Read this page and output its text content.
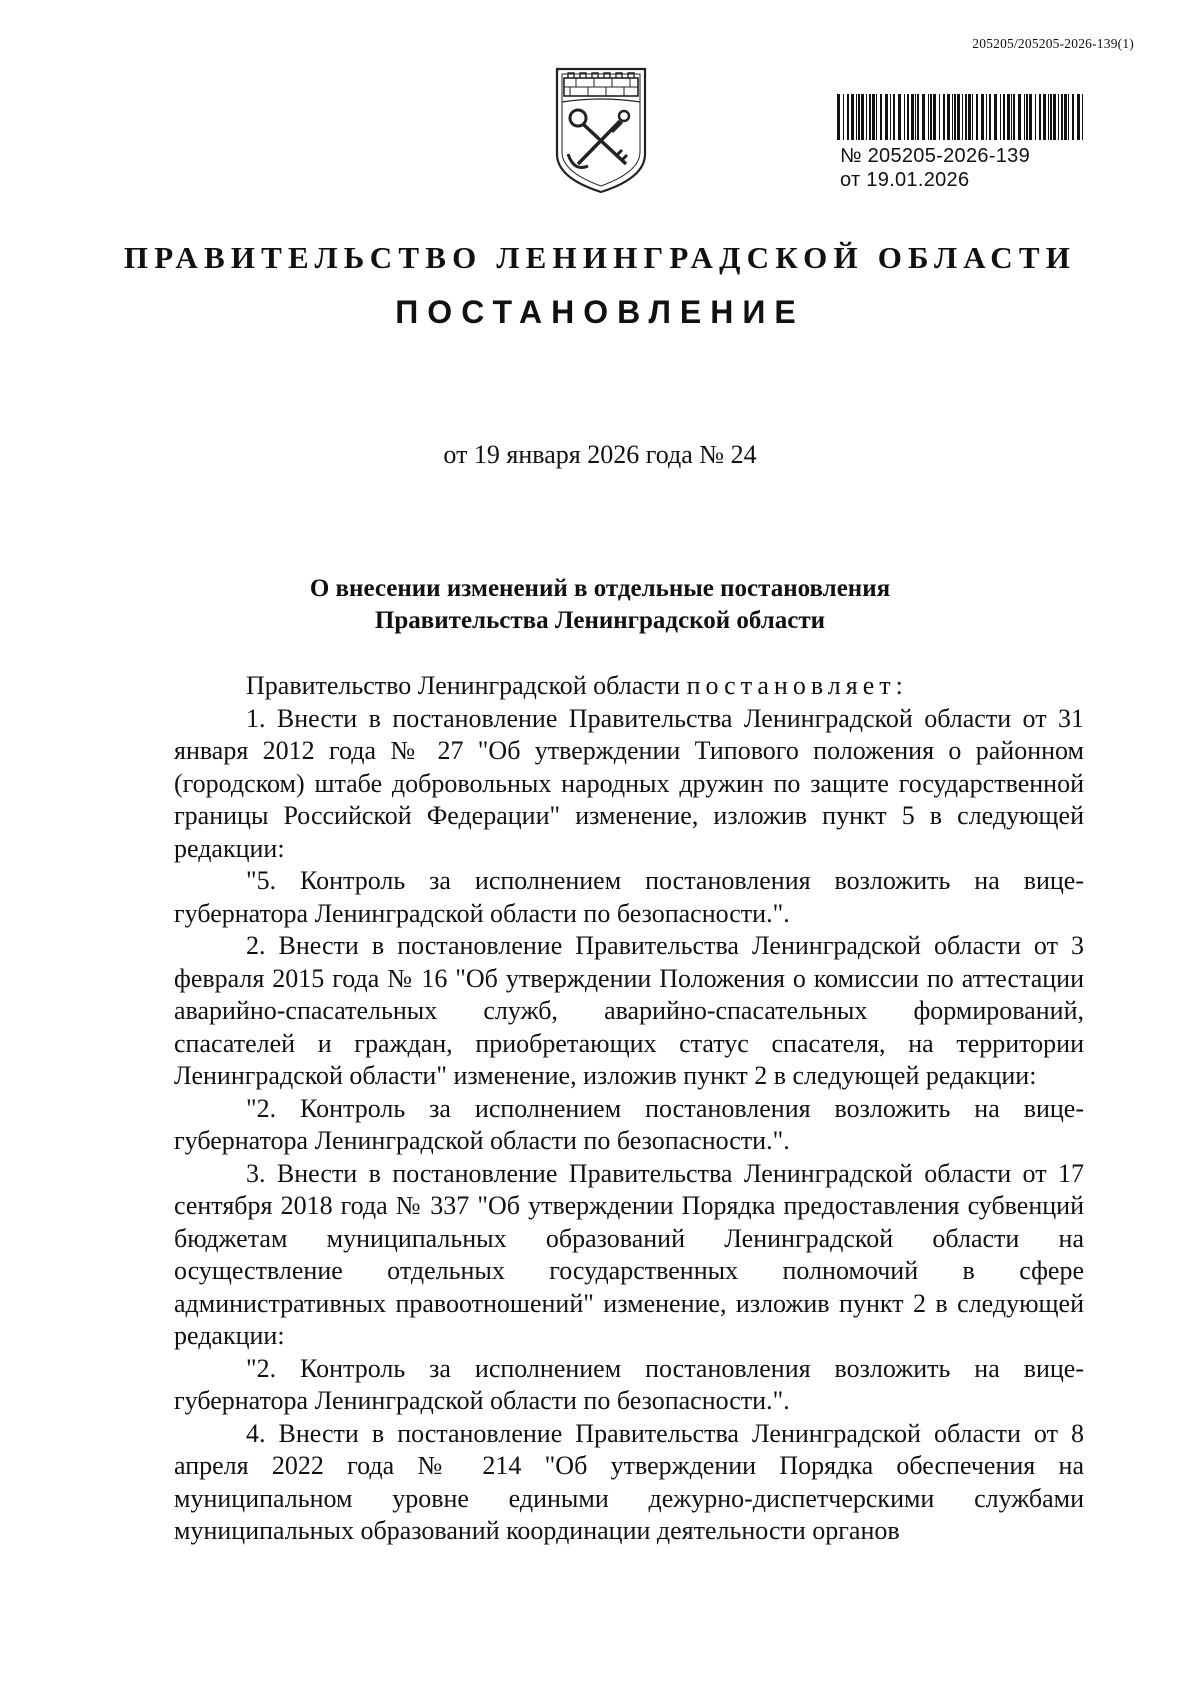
205205/205205-2026-139(1)
№ 205205-2026-139
от 19.01.2026
ПРАВИТЕЛЬСТВО ЛЕНИНГРАДСКОЙ ОБЛАСТИ
ПОСТАНОВЛЕНИЕ
от 19 января 2026 года № 24
О внесении изменений в отдельные постановления
Правительства Ленинградской области

Правительство Ленинградской области постановляет:

1. Внести в постановление Правительства Ленинградской области от 31 января 2012 года № 27 "Об утверждении Типового положения о районном (городском) штабе добровольных народных дружин по защите государственной границы Российской Федерации" изменение, изложив пункт 5 в следующей редакции:

"5. Контроль за исполнением постановления возложить на вице-губернатора Ленинградской области по безопасности.".

2. Внести в постановление Правительства Ленинградской области от 3 февраля 2015 года № 16 "Об утверждении Положения о комиссии по аттестации аварийно-спасательных служб, аварийно-спасательных формирований, спасателей и граждан, приобретающих статус спасателя, на территории Ленинградской области" изменение, изложив пункт 2 в следующей редакции:

"2. Контроль за исполнением постановления возложить на вице-губернатора Ленинградской области по безопасности.".

3. Внести в постановление Правительства Ленинградской области от 17 сентября 2018 года № 337 "Об утверждении Порядка предоставления субвенций бюджетам муниципальных образований Ленинградской области на осуществление отдельных государственных полномочий в сфере административных правоотношений" изменение, изложив пункт 2 в следующей редакции:

"2. Контроль за исполнением постановления возложить на вице-губернатора Ленинградской области по безопасности.".

4. Внести в постановление Правительства Ленинградской области от 8 апреля 2022 года № 214 "Об утверждении Порядка обеспечения на муниципальном уровне едиными дежурно-диспетчерскими службами муниципальных образований координации деятельности органов
